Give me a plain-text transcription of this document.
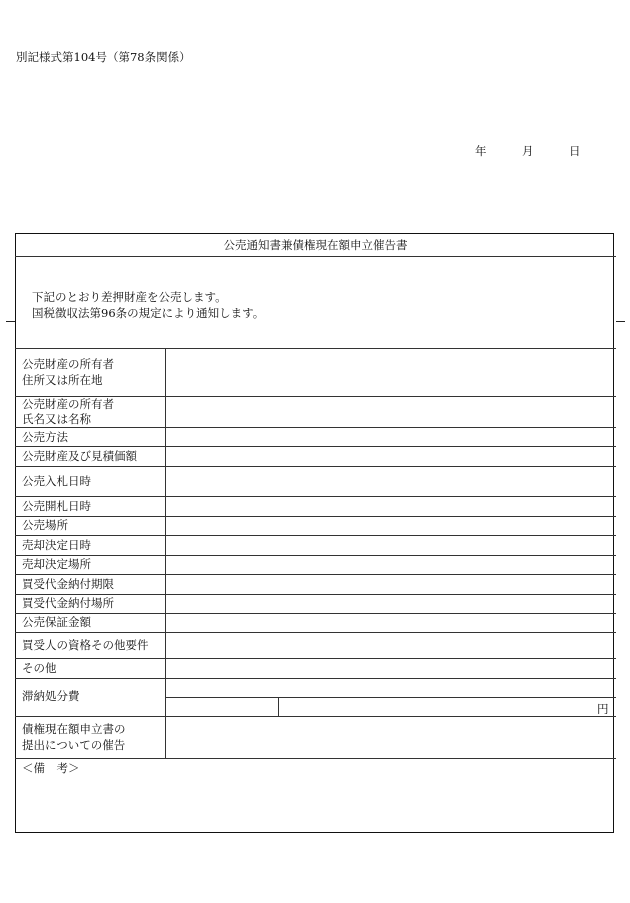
別記様式第104号（第78条関係）
年	月	日
公売通知書兼債権現在額申立催告書
下記のとおり差押財産を公売します。
国税徴収法第96条の規定により通知します。
公売財産の所有者
住所又は所在地
公売財産の所有者
氏名又は名称
公売方法
公売財産及び見積価額
公売入札日時
公売開札日時
公売場所
売却決定日時
売却決定場所
買受代金納付期限
買受代金納付場所
公売保証金額
買受人の資格その他要件
その他
滞納処分費
円
債権現在額申立書の
提出についての催告
＜備　考＞
